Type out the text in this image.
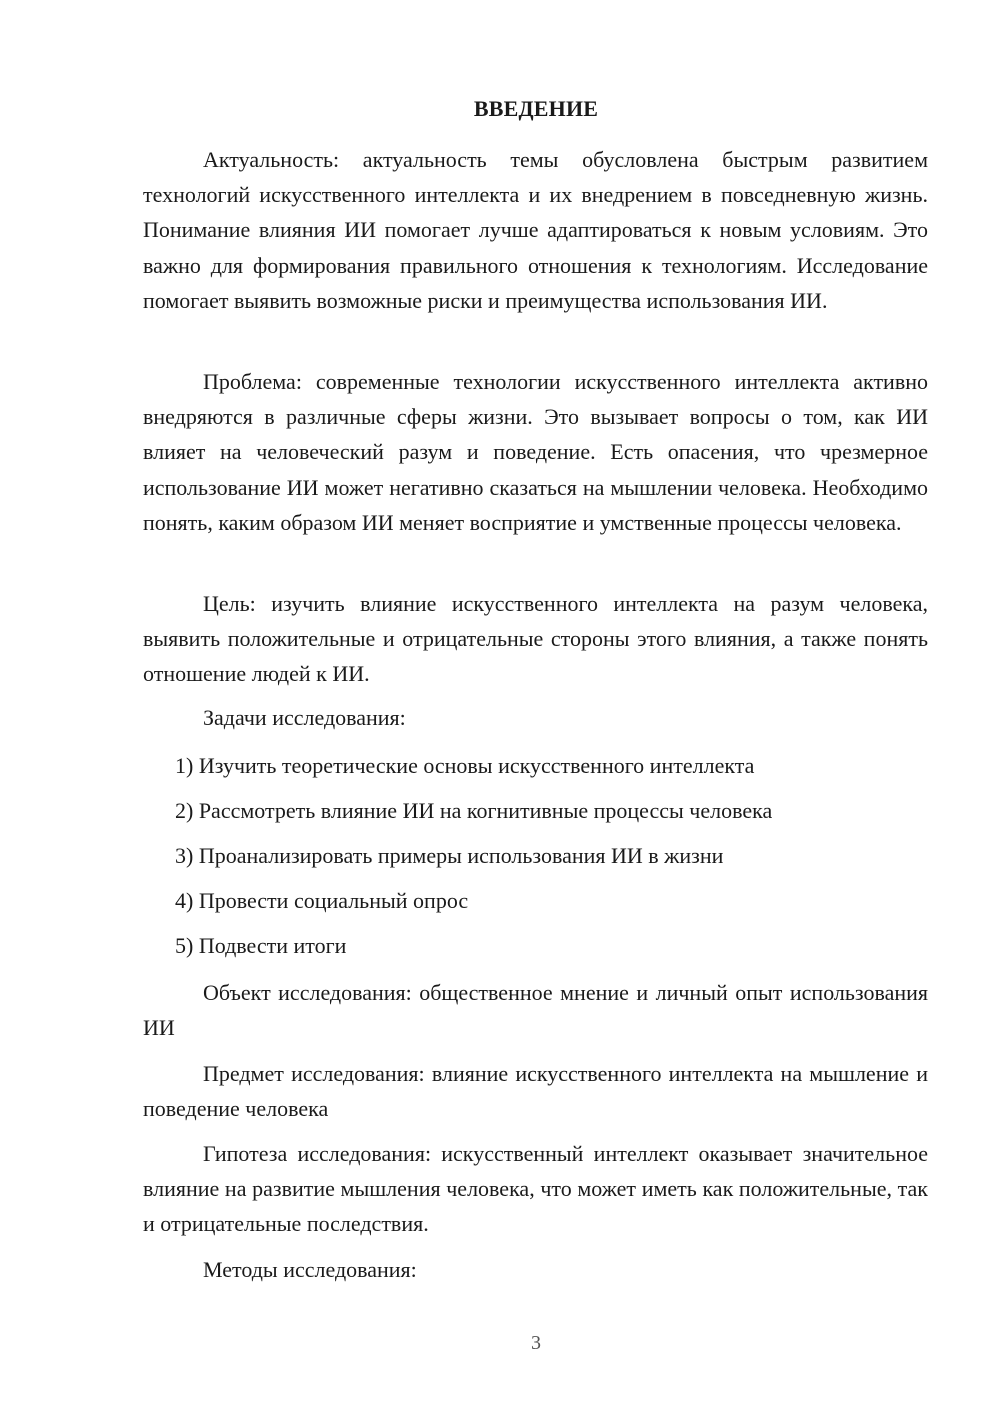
ВВЕДЕНИЕ

Актуальность: актуальность темы обусловлена быстрым развитием технологий искусственного интеллекта и их внедрением в повседневную жизнь. Понимание влияния ИИ помогает лучше адаптироваться к новым условиям. Это важно для формирования правильного отношения к технологиям. Исследование помогает выявить возможные риски и преимущества использования ИИ.

Проблема: современные технологии искусственного интеллекта активно внедряются в различные сферы жизни. Это вызывает вопросы о том, как ИИ влияет на человеческий разум и поведение. Есть опасения, что чрезмерное использование ИИ может негативно сказаться на мышлении человека. Необходимо понять, каким образом ИИ меняет восприятие и умственные процессы человека.

Цель: изучить влияние искусственного интеллекта на разум человека, выявить положительные и отрицательные стороны этого влияния, а также понять отношение людей к ИИ.

Задачи исследования:

1) Изучить теоретические основы искусственного интеллекта
2) Рассмотреть влияние ИИ на когнитивные процессы человека
3) Проанализировать примеры использования ИИ в жизни
4) Провести социальный опрос
5) Подвести итоги

Объект исследования: общественное мнение и личный опыт использования ИИ

Предмет исследования: влияние искусственного интеллекта на мышление и поведение человека

Гипотеза исследования: искусственный интеллект оказывает значительное влияние на развитие мышления человека, что может иметь как положительные, так и отрицательные последствия.

Методы исследования:

3
